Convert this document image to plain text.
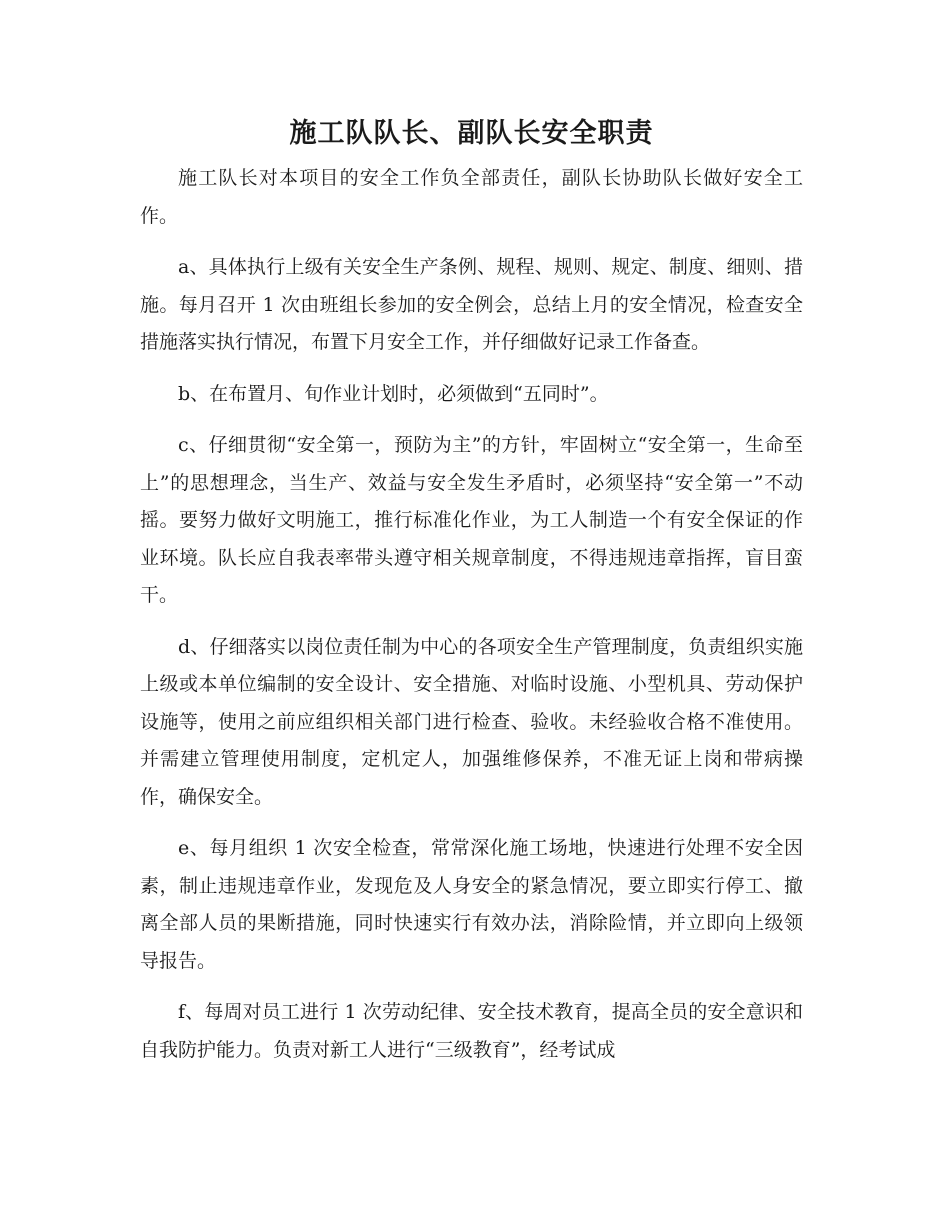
施工队队长、副队长安全职责

施工队长对本项目的安全工作负全部责任，副队长协助队长做好安全工作。

a、具体执行上级有关安全生产条例、规程、规则、规定、制度、细则、措施。每月召开 1 次由班组长参加的安全例会，总结上月的安全情况，检查安全措施落实执行情况，布置下月安全工作，并仔细做好记录工作备查。

b、在布置月、旬作业计划时，必须做到“五同时”。

c、仔细贯彻“安全第一，预防为主”的方针，牢固树立“安全第一，生命至上”的思想理念，当生产、效益与安全发生矛盾时，必须坚持“安全第一”不动摇。要努力做好文明施工，推行标准化作业，为工人制造一个有安全保证的作业环境。队长应自我表率带头遵守相关规章制度，不得违规违章指挥，盲目蛮干。

d、仔细落实以岗位责任制为中心的各项安全生产管理制度，负责组织实施上级或本单位编制的安全设计、安全措施、对临时设施、小型机具、劳动保护设施等，使用之前应组织相关部门进行检查、验收。未经验收合格不准使用。并需建立管理使用制度，定机定人，加强维修保养，不准无证上岗和带病操作，确保安全。

e、每月组织 1 次安全检查，常常深化施工场地，快速进行处理不安全因素，制止违规违章作业，发现危及人身安全的紧急情况，要立即实行停工、撤离全部人员的果断措施，同时快速实行有效办法，消除险情，并立即向上级领导报告。

f、每周对员工进行 1 次劳动纪律、安全技术教育，提高全员的安全意识和自我防护能力。负责对新工人进行“三级教育”，经考试成
